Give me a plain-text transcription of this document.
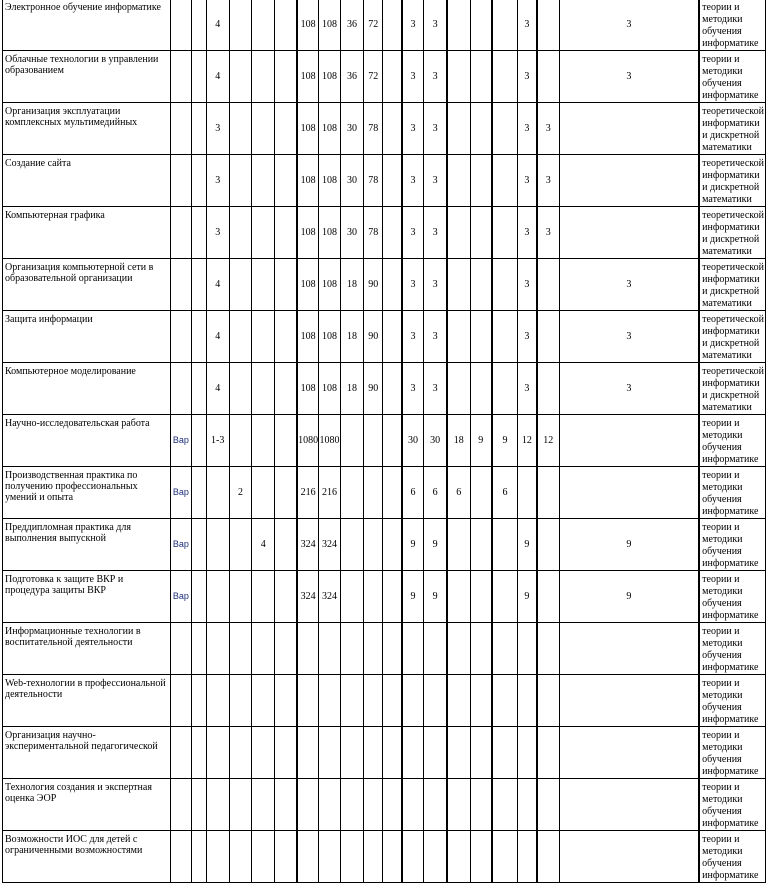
Электронное обучение информатике			4				108	108	36	72		3	3				3		3	теории и методики обучения информатике
Облачные технологии в управлении образованием			4				108	108	36	72		3	3				3		3	теории и методики обучения информатике
Организация эксплуатации комплексных мультимедийных			3				108	108	30	78		3	3				3	3		теоретической информатики и дискретной математики
Создание сайта			3				108	108	30	78		3	3				3	3		теоретической информатики и дискретной математики
Компьютерная графика			3				108	108	30	78		3	3				3	3		теоретической информатики и дискретной математики
Организация компьютерной сети в образовательной организации			4				108	108	18	90		3	3				3		3	теоретической информатики и дискретной математики
Защита информации			4				108	108	18	90		3	3				3		3	теоретической информатики и дискретной математики
Компьютерное моделирование			4				108	108	18	90		3	3				3		3	теоретической информатики и дискретной математики
Научно-исследовательская работа	Вар		1-3				1080	1080				30	30	18	9	9	12	12		теории и методики обучения информатике
Производственная практика по получению профессиональных умений и опыта	Вар			2			216	216				6	6	6		6				теории и методики обучения информатике
Преддипломная практика для выполнения выпускной	Вар				4		324	324				9	9				9		9	теории и методики обучения информатике
Подготовка к защите ВКР и процедура защиты ВКР	Вар						324	324				9	9				9		9	теории и методики обучения информатике
Информационные технологии в воспитательной деятельности																				теории и методики обучения информатике
Web-технологии в профессиональной деятельности																				теории и методики обучения информатике
Организация научно-экспериментальной педагогической																				теории и методики обучения информатике
Технология создания и экспертная оценка ЭОР																				теории и методики обучения информатике
Возможности ИОС для детей с ограниченными возможностями																				теории и методики обучения информатике
